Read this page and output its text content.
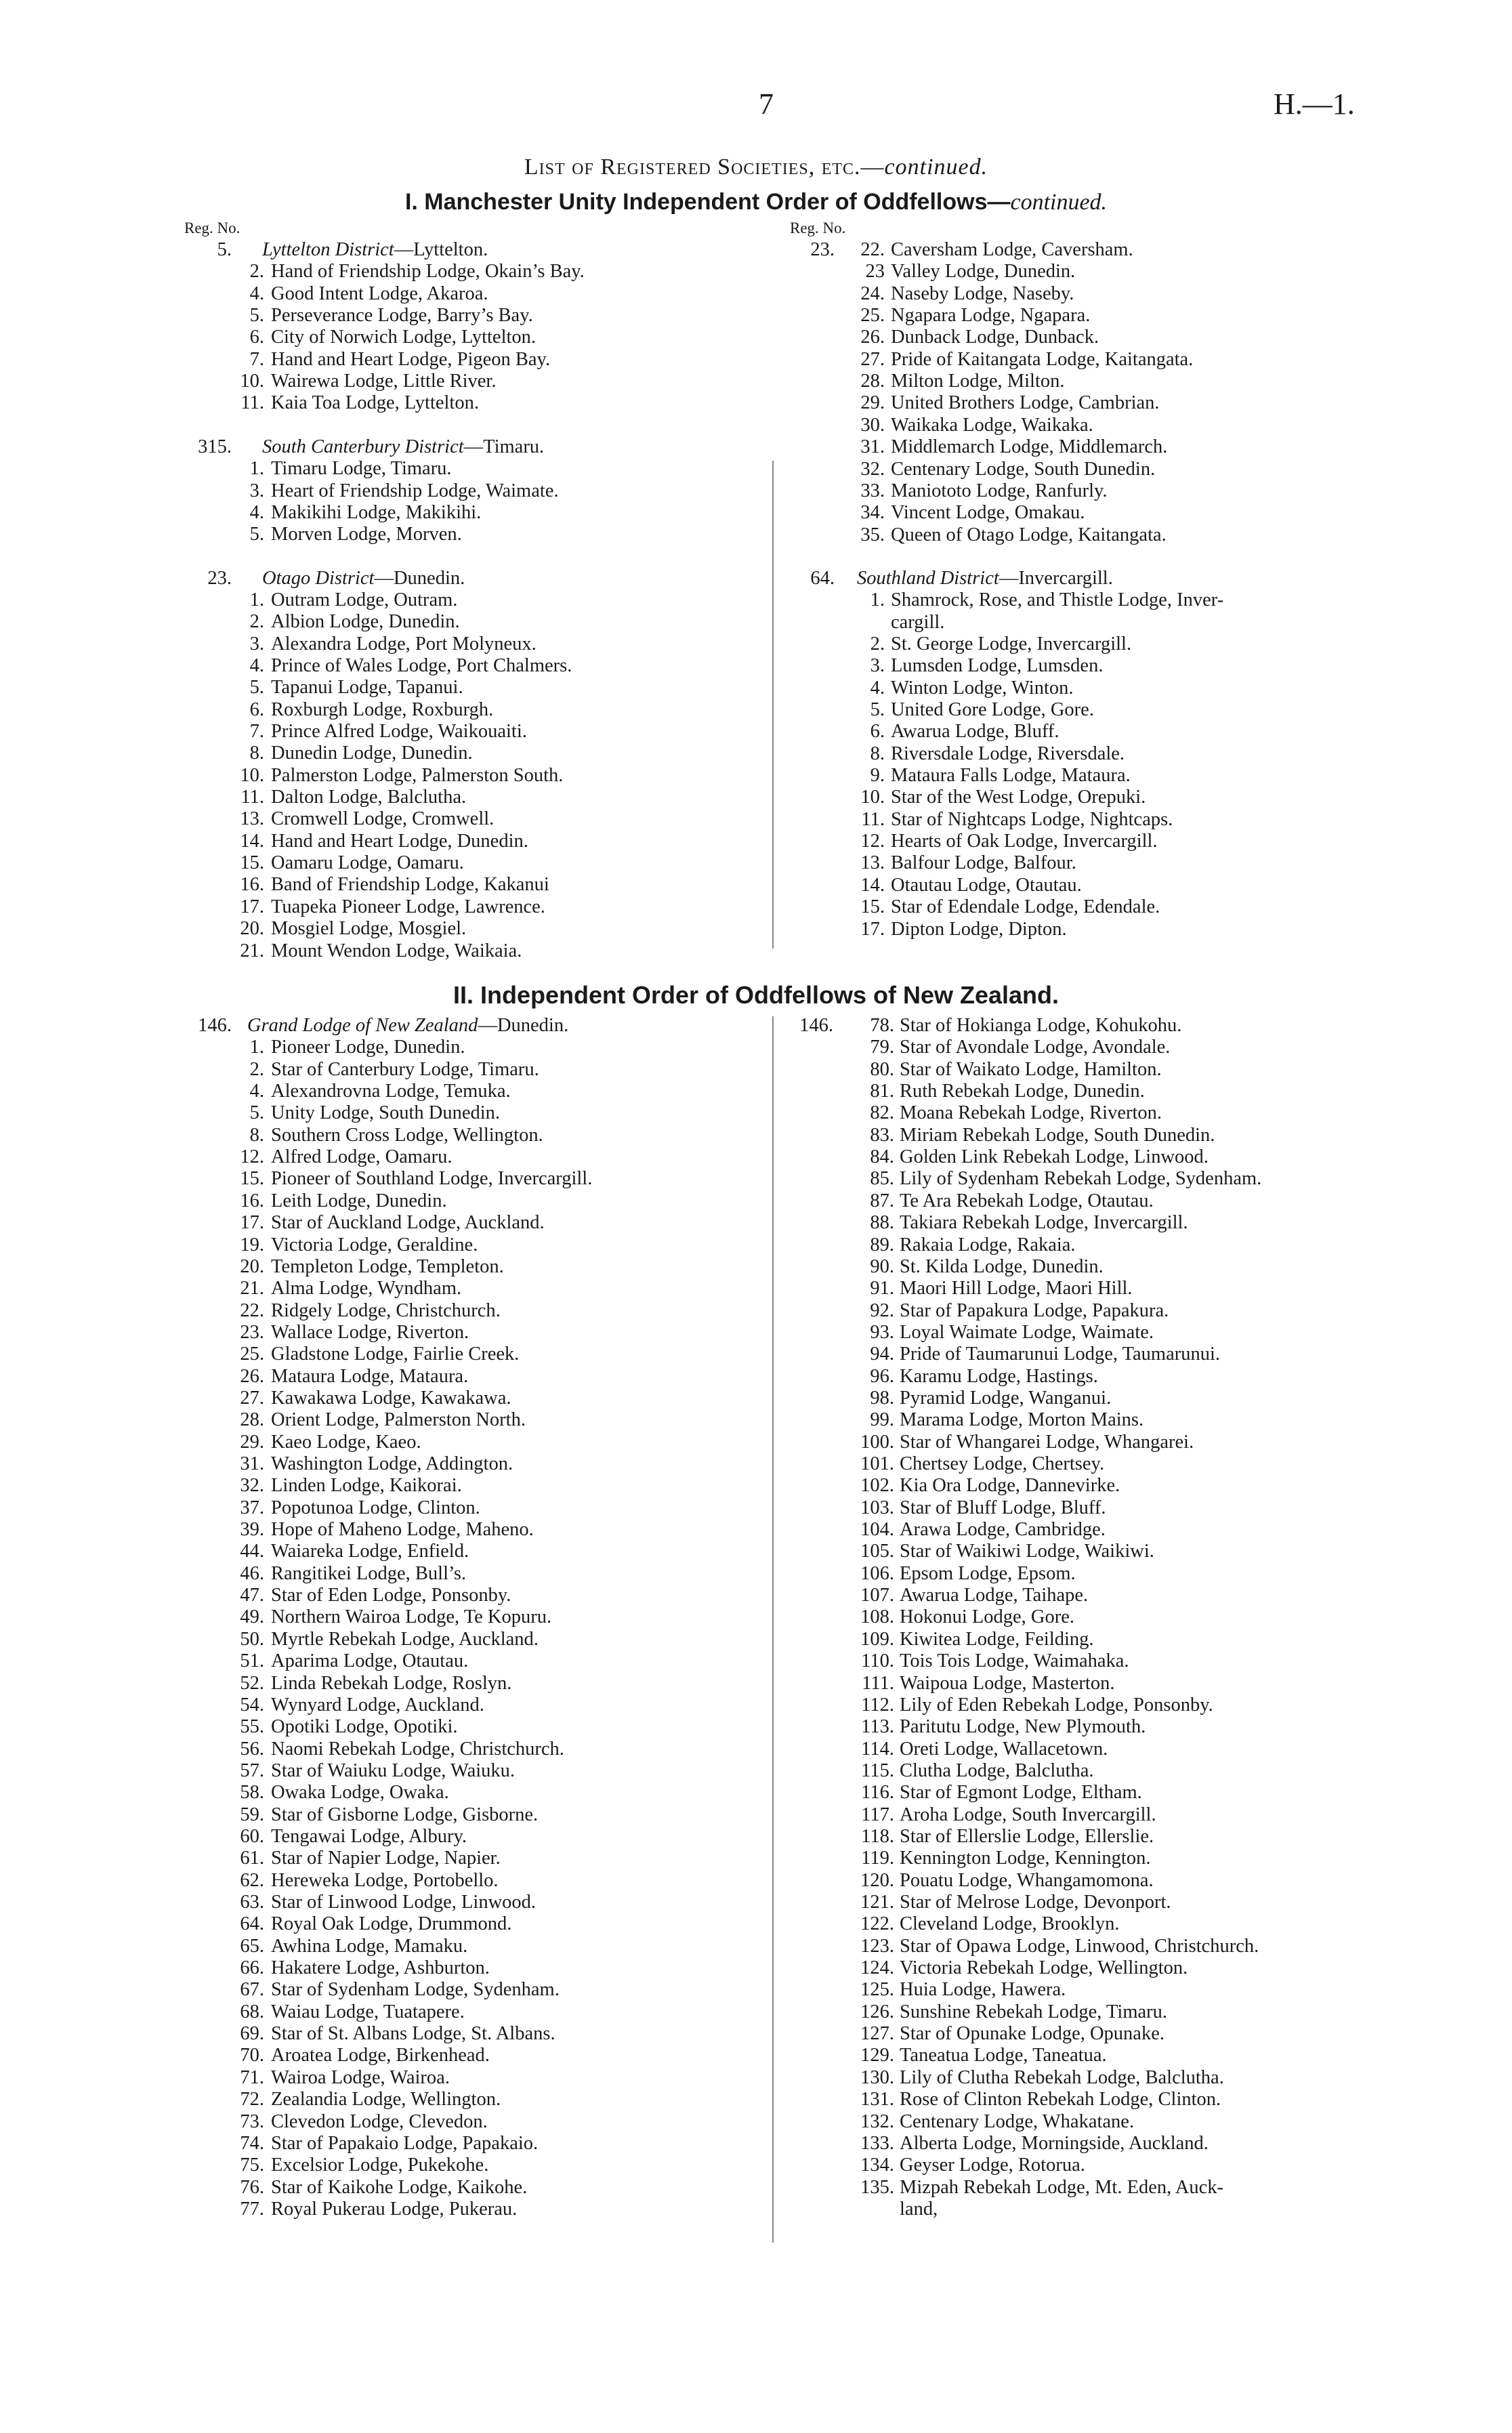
7	H.—1.
List of Registered Societies, etc.—continued.
I. Manchester Unity Independent Order of Oddfellows—continued.
Reg. No.	Reg. No.
5. Lyttelton District—Lyttelton.
2. Hand of Friendship Lodge, Okain’s Bay.
4. Good Intent Lodge, Akaroa.
5. Perseverance Lodge, Barry’s Bay.
6. City of Norwich Lodge, Lyttelton.
7. Hand and Heart Lodge, Pigeon Bay.
10. Wairewa Lodge, Little River.
11. Kaia Toa Lodge, Lyttelton.
315. South Canterbury District—Timaru.
1. Timaru Lodge, Timaru.
3. Heart of Friendship Lodge, Waimate.
4. Makikihi Lodge, Makikihi.
5. Morven Lodge, Morven.
23. Otago District—Dunedin.
1. Outram Lodge, Outram.
2. Albion Lodge, Dunedin.
3. Alexandra Lodge, Port Molyneux.
4. Prince of Wales Lodge, Port Chalmers.
5. Tapanui Lodge, Tapanui.
6. Roxburgh Lodge, Roxburgh.
7. Prince Alfred Lodge, Waikouaiti.
8. Dunedin Lodge, Dunedin.
10. Palmerston Lodge, Palmerston South.
11. Dalton Lodge, Balclutha.
13. Cromwell Lodge, Cromwell.
14. Hand and Heart Lodge, Dunedin.
15. Oamaru Lodge, Oamaru.
16. Band of Friendship Lodge, Kakanui
17. Tuapeka Pioneer Lodge, Lawrence.
20. Mosgiel Lodge, Mosgiel.
21. Mount Wendon Lodge, Waikaia.
23.	22. Caversham Lodge, Caversham.
23 Valley Lodge, Dunedin.
24. Naseby Lodge, Naseby.
25. Ngapara Lodge, Ngapara.
26. Dunback Lodge, Dunback.
27. Pride of Kaitangata Lodge, Kaitangata.
28. Milton Lodge, Milton.
29. United Brothers Lodge, Cambrian.
30. Waikaka Lodge, Waikaka.
31. Middlemarch Lodge, Middlemarch.
32. Centenary Lodge, South Dunedin.
33. Maniototo Lodge, Ranfurly.
34. Vincent Lodge, Omakau.
35. Queen of Otago Lodge, Kaitangata.
64. Southland District—Invercargill.
1. Shamrock, Rose, and Thistle Lodge, Inver-
cargill.
2. St. George Lodge, Invercargill.
3. Lumsden Lodge, Lumsden.
4. Winton Lodge, Winton.
5. United Gore Lodge, Gore.
6. Awarua Lodge, Bluff.
8. Riversdale Lodge, Riversdale.
9. Mataura Falls Lodge, Mataura.
10. Star of the West Lodge, Orepuki.
11. Star of Nightcaps Lodge, Nightcaps.
12. Hearts of Oak Lodge, Invercargill.
13. Balfour Lodge, Balfour.
14. Otautau Lodge, Otautau.
15. Star of Edendale Lodge, Edendale.
17. Dipton Lodge, Dipton.
II. Independent Order of Oddfellows of New Zealand.
146. Grand Lodge of New Zealand—Dunedin.
1. Pioneer Lodge, Dunedin.
2. Star of Canterbury Lodge, Timaru.
4. Alexandrovna Lodge, Temuka.
5. Unity Lodge, South Dunedin.
8. Southern Cross Lodge, Wellington.
12. Alfred Lodge, Oamaru.
15. Pioneer of Southland Lodge, Invercargill.
16. Leith Lodge, Dunedin.
17. Star of Auckland Lodge, Auckland.
19. Victoria Lodge, Geraldine.
20. Templeton Lodge, Templeton.
21. Alma Lodge, Wyndham.
22. Ridgely Lodge, Christchurch.
23. Wallace Lodge, Riverton.
25. Gladstone Lodge, Fairlie Creek.
26. Mataura Lodge, Mataura.
27. Kawakawa Lodge, Kawakawa.
28. Orient Lodge, Palmerston North.
29. Kaeo Lodge, Kaeo.
31. Washington Lodge, Addington.
32. Linden Lodge, Kaikorai.
37. Popotunoa Lodge, Clinton.
39. Hope of Maheno Lodge, Maheno.
44. Waiareka Lodge, Enfield.
46. Rangitikei Lodge, Bull’s.
47. Star of Eden Lodge, Ponsonby.
49. Northern Wairoa Lodge, Te Kopuru.
50. Myrtle Rebekah Lodge, Auckland.
51. Aparima Lodge, Otautau.
52. Linda Rebekah Lodge, Roslyn.
54. Wynyard Lodge, Auckland.
55. Opotiki Lodge, Opotiki.
56. Naomi Rebekah Lodge, Christchurch.
57. Star of Waiuku Lodge, Waiuku.
58. Owaka Lodge, Owaka.
59. Star of Gisborne Lodge, Gisborne.
60. Tengawai Lodge, Albury.
61. Star of Napier Lodge, Napier.
62. Hereweka Lodge, Portobello.
63. Star of Linwood Lodge, Linwood.
64. Royal Oak Lodge, Drummond.
65. Awhina Lodge, Mamaku.
66. Hakatere Lodge, Ashburton.
67. Star of Sydenham Lodge, Sydenham.
68. Waiau Lodge, Tuatapere.
69. Star of St. Albans Lodge, St. Albans.
70. Aroatea Lodge, Birkenhead.
71. Wairoa Lodge, Wairoa.
72. Zealandia Lodge, Wellington.
73. Clevedon Lodge, Clevedon.
74. Star of Papakaio Lodge, Papakaio.
75. Excelsior Lodge, Pukekohe.
76. Star of Kaikohe Lodge, Kaikohe.
77. Royal Pukerau Lodge, Pukerau.
146.	78. Star of Hokianga Lodge, Kohukohu.
79. Star of Avondale Lodge, Avondale.
80. Star of Waikato Lodge, Hamilton.
81. Ruth Rebekah Lodge, Dunedin.
82. Moana Rebekah Lodge, Riverton.
83. Miriam Rebekah Lodge, South Dunedin.
84. Golden Link Rebekah Lodge, Linwood.
85. Lily of Sydenham Rebekah Lodge, Sydenham.
87. Te Ara Rebekah Lodge, Otautau.
88. Takiara Rebekah Lodge, Invercargill.
89. Rakaia Lodge, Rakaia.
90. St. Kilda Lodge, Dunedin.
91. Maori Hill Lodge, Maori Hill.
92. Star of Papakura Lodge, Papakura.
93. Loyal Waimate Lodge, Waimate.
94. Pride of Taumarunui Lodge, Taumarunui.
96. Karamu Lodge, Hastings.
98. Pyramid Lodge, Wanganui.
99. Marama Lodge, Morton Mains.
100. Star of Whangarei Lodge, Whangarei.
101. Chertsey Lodge, Chertsey.
102. Kia Ora Lodge, Dannevirke.
103. Star of Bluff Lodge, Bluff.
104. Arawa Lodge, Cambridge.
105. Star of Waikiwi Lodge, Waikiwi.
106. Epsom Lodge, Epsom.
107. Awarua Lodge, Taihape.
108. Hokonui Lodge, Gore.
109. Kiwitea Lodge, Feilding.
110. Tois Tois Lodge, Waimahaka.
111. Waipoua Lodge, Masterton.
112. Lily of Eden Rebekah Lodge, Ponsonby.
113. Paritutu Lodge, New Plymouth.
114. Oreti Lodge, Wallacetown.
115. Clutha Lodge, Balclutha.
116. Star of Egmont Lodge, Eltham.
117. Aroha Lodge, South Invercargill.
118. Star of Ellerslie Lodge, Ellerslie.
119. Kennington Lodge, Kennington.
120. Pouatu Lodge, Whangamomona.
121. Star of Melrose Lodge, Devonport.
122. Cleveland Lodge, Brooklyn.
123. Star of Opawa Lodge, Linwood, Christchurch.
124. Victoria Rebekah Lodge, Wellington.
125. Huia Lodge, Hawera.
126. Sunshine Rebekah Lodge, Timaru.
127. Star of Opunake Lodge, Opunake.
129. Taneatua Lodge, Taneatua.
130. Lily of Clutha Rebekah Lodge, Balclutha.
131. Rose of Clinton Rebekah Lodge, Clinton.
132. Centenary Lodge, Whakatane.
133. Alberta Lodge, Morningside, Auckland.
134. Geyser Lodge, Rotorua.
135. Mizpah Rebekah Lodge, Mt. Eden, Auck-
land,
